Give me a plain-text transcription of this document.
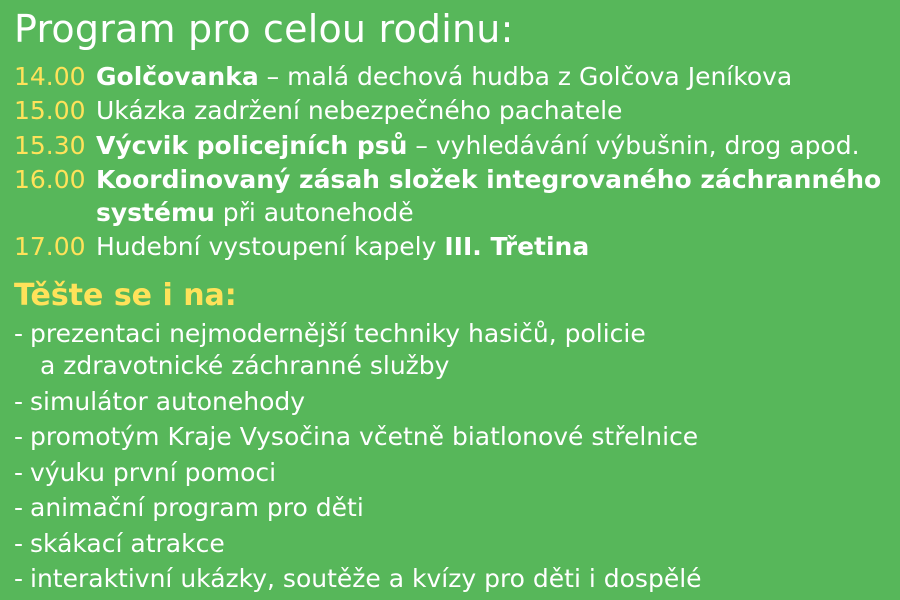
Program pro celou rodinu:
14.00 Golčovanka – malá dechová hudba z Golčova Jeníkova
15.00 Ukázka zadržení nebezpečného pachatele
15.30 Výcvik policejních psů – vyhledávání výbušnin, drog apod.
16.00 Koordinovaný zásah složek integrovaného záchranného systému při autonehodě
17.00 Hudební vystoupení kapely III. Třetina
Těšte se i na:
- prezentaci nejmodernější techniky hasičů, policie
a zdravotnické záchranné služby
- simulátor autonehody
- promotým Kraje Vysočina včetně biatlonové střelnice
- výuku první pomoci
- animační program pro děti
- skákací atrakce
- interaktivní ukázky, soutěže a kvízy pro děti i dospělé
